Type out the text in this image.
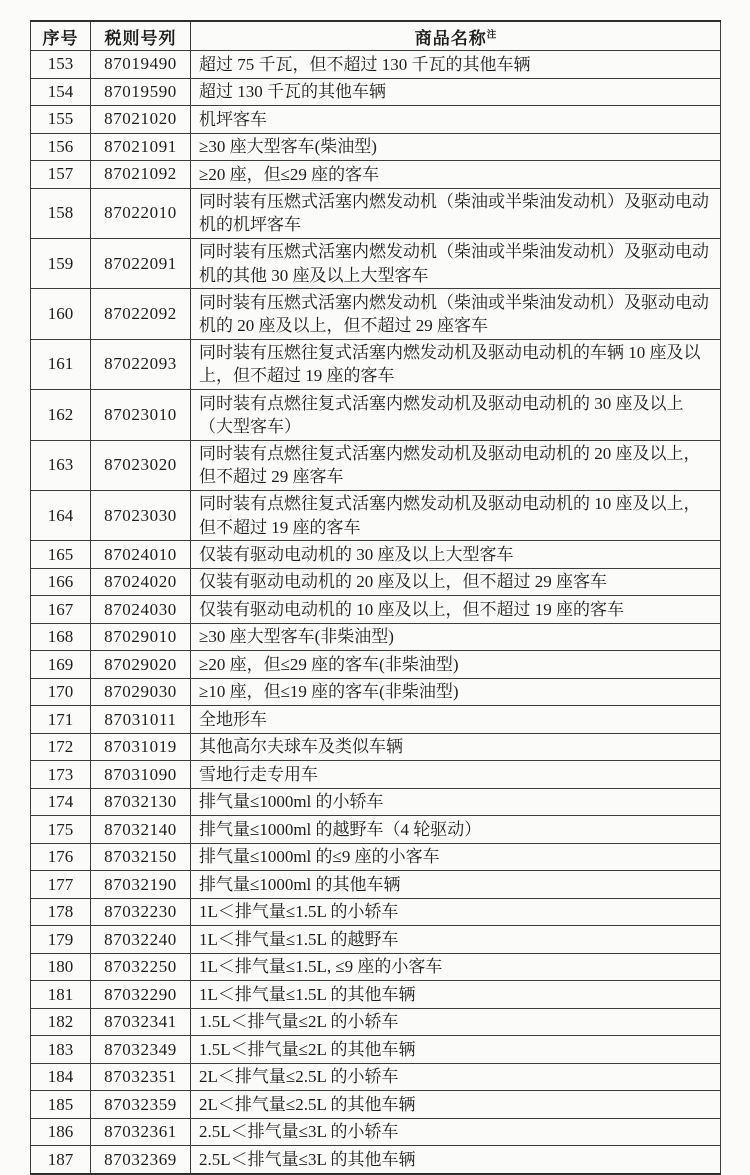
序号	税则号列	商品名称$^注$
153	87019490	超过 75 千瓦，但不超过 130 千瓦的其他车辆
154	87019590	超过 130 千瓦的其他车辆
155	87021020	机坪客车
156	87021091	≥30 座大型客车(柴油型)
157	87021092	≥20 座，但≤29 座的客车
158	87022010	同时装有压燃式活塞内燃发动机（柴油或半柴油发动机）及驱动电动机的机坪客车
159	87022091	同时装有压燃式活塞内燃发动机（柴油或半柴油发动机）及驱动电动机的其他 30 座及以上大型客车
160	87022092	同时装有压燃式活塞内燃发动机（柴油或半柴油发动机）及驱动电动机的 20 座及以上，但不超过 29 座客车
161	87022093	同时装有压燃往复式活塞内燃发动机及驱动电动机的车辆 10 座及以上，但不超过 19 座的客车
162	87023010	同时装有点燃往复式活塞内燃发动机及驱动电动机的 30 座及以上（大型客车）
163	87023020	同时装有点燃往复式活塞内燃发动机及驱动电动机的 20 座及以上，但不超过 29 座客车
164	87023030	同时装有点燃往复式活塞内燃发动机及驱动电动机的 10 座及以上，但不超过 19 座的客车
165	87024010	仅装有驱动电动机的 30 座及以上大型客车
166	87024020	仅装有驱动电动机的 20 座及以上，但不超过 29 座客车
167	87024030	仅装有驱动电动机的 10 座及以上，但不超过 19 座的客车
168	87029010	≥30 座大型客车(非柴油型)
169	87029020	≥20 座，但≤29 座的客车(非柴油型)
170	87029030	≥10 座，但≤19 座的客车(非柴油型)
171	87031011	全地形车
172	87031019	其他高尔夫球车及类似车辆
173	87031090	雪地行走专用车
174	87032130	排气量≤1000ml 的小轿车
175	87032140	排气量≤1000ml 的越野车（4 轮驱动）
176	87032150	排气量≤1000ml 的≤9 座的小客车
177	87032190	排气量≤1000ml 的其他车辆
178	87032230	1L＜排气量≤1.5L 的小轿车
179	87032240	1L＜排气量≤1.5L 的越野车
180	87032250	1L＜排气量≤1.5L, ≤9 座的小客车
181	87032290	1L＜排气量≤1.5L 的其他车辆
182	87032341	1.5L＜排气量≤2L 的小轿车
183	87032349	1.5L＜排气量≤2L 的其他车辆
184	87032351	2L＜排气量≤2.5L 的小轿车
185	87032359	2L＜排气量≤2.5L 的其他车辆
186	87032361	2.5L＜排气量≤3L 的小轿车
187	87032369	2.5L＜排气量≤3L 的其他车辆
